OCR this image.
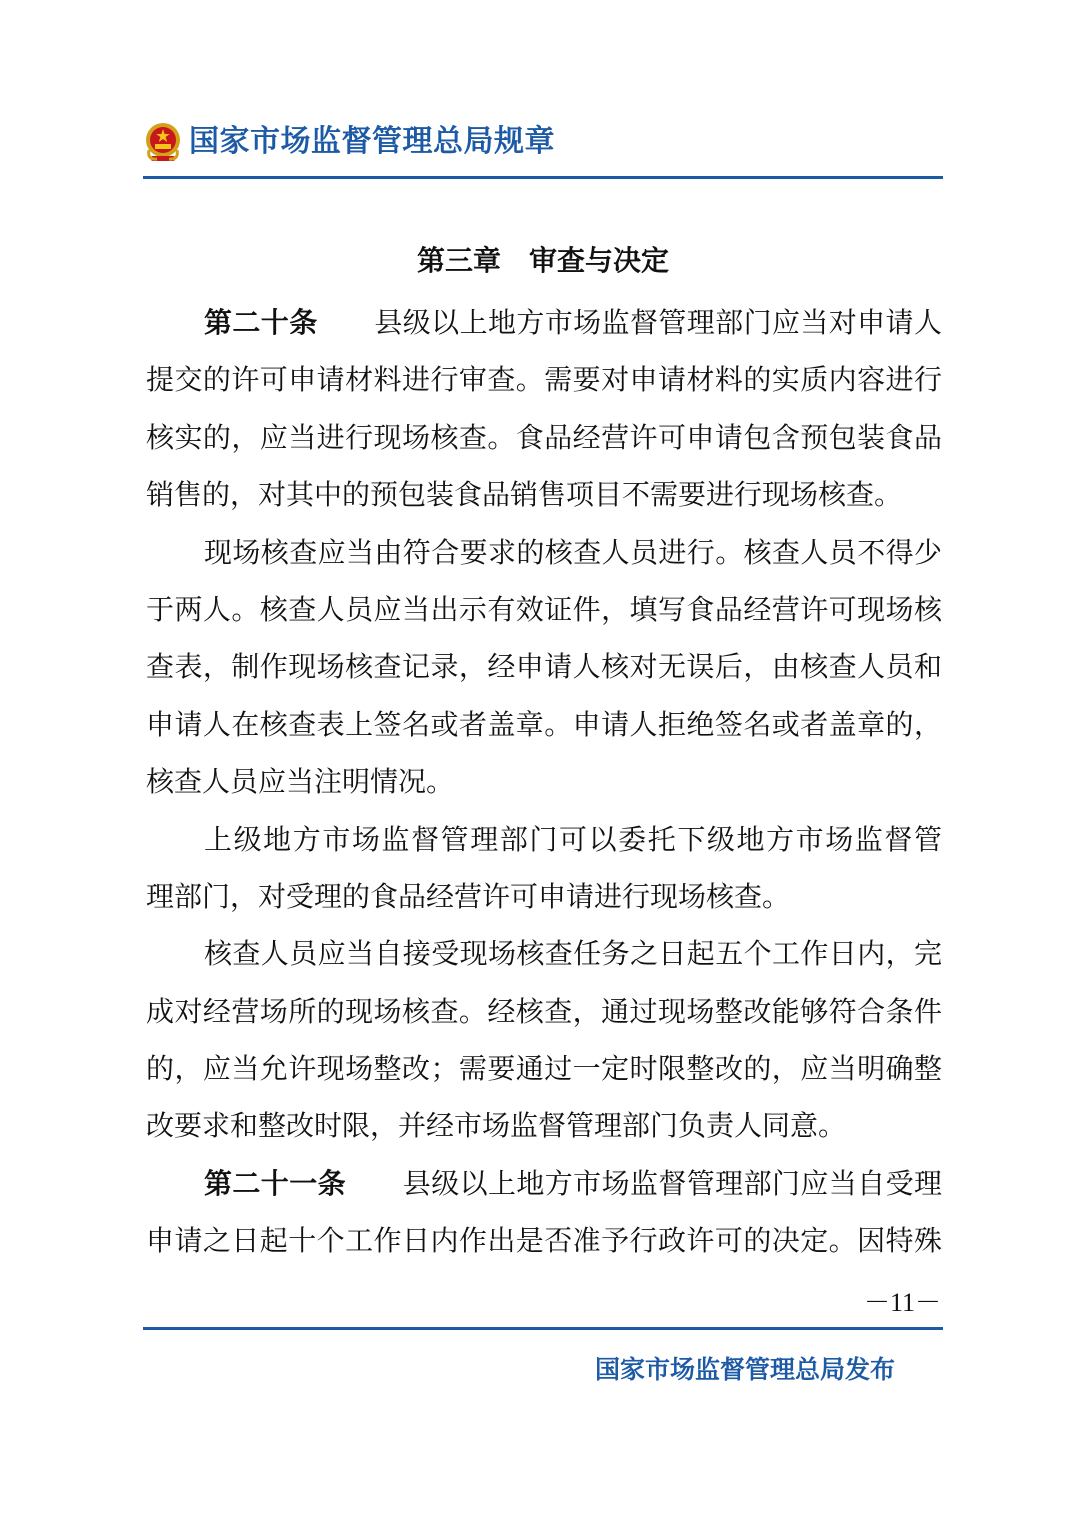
国家市场监督管理总局规章
第三章　审查与决定
第二十条　　 县级以上地方市场监督管理部门应当对申请人
提交的许可申请材料进行审查。需要对申请材料的实质内容进行
核实的，应当进行现场核查。食品经营许可申请包含预包装食品
销售的，对其中的预包装食品销售项目不需要进行现场核查。
现场核查应当由符合要求的核查人员进行。核查人员不得少
于两人。核查人员应当出示有效证件，填写食品经营许可现场核
查表，制作现场核查记录，经申请人核对无误后，由核查人员和
申请人在核查表上签名或者盖章。申请人拒绝签名或者盖章的，
核查人员应当注明情况。
上级地方市场监督管理部门可以委托下级地方市场监督管
理部门，对受理的食品经营许可申请进行现场核查。
核查人员应当自接受现场核查任务之日起五个工作日内，完
成对经营场所的现场核查。经核查，通过现场整改能够符合条件
的，应当允许现场整改；需要通过一定时限整改的，应当明确整
改要求和整改时限，并经市场监督管理部门负责人同意。
第二十一条　　 县级以上地方市场监督管理部门应当自受理
申请之日起十个工作日内作出是否准予行政许可的决定。因特殊
－11－
国家市场监督管理总局发布
